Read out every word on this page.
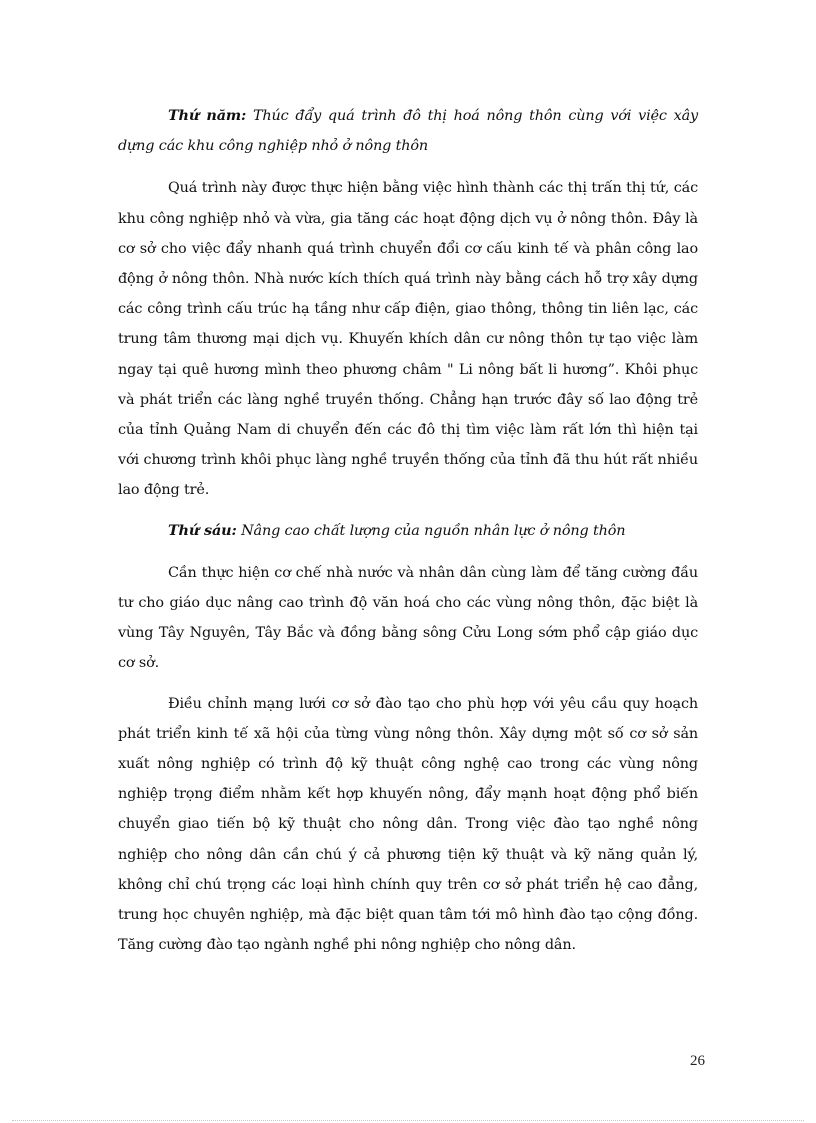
Thứ năm: Thúc đẩy quá trình đô thị hoá nông thôn cùng với việc xây dựng các khu công nghiệp nhỏ ở nông thôn

Quá trình này được thực hiện bằng việc hình thành các thị trấn thị tứ, các khu công nghiệp nhỏ và vừa, gia tăng các hoạt động dịch vụ ở nông thôn. Đây là cơ sở cho việc đẩy nhanh quá trình chuyển đổi cơ cấu kinh tế và phân công lao động ở nông thôn. Nhà nước kích thích quá trình này bằng cách hỗ trợ xây dựng các công trình cấu trúc hạ tầng như cấp điện, giao thông, thông tin liên lạc, các trung tâm thương mại dịch vụ. Khuyến khích dân cư nông thôn tự tạo việc làm ngay tại quê hương mình theo phương châm " Li nông bất li hương”. Khôi phục và phát triển các làng nghề truyền thống. Chẳng hạn trước đây số lao động trẻ của tỉnh Quảng Nam di chuyển đến các đô thị tìm việc làm rất lớn thì hiện tại với chương trình khôi phục làng nghề truyền thống của tỉnh đã thu hút rất nhiều lao động trẻ.

Thứ sáu: Nâng cao chất lượng của nguồn nhân lực ở nông thôn

Cần thực hiện cơ chế nhà nước và nhân dân cùng làm để tăng cường đầu tư cho giáo dục nâng cao trình độ văn hoá cho các vùng nông thôn, đặc biệt là vùng Tây Nguyên, Tây Bắc và đồng bằng sông Cửu Long sớm phổ cập giáo dục cơ sở.

Điều chỉnh mạng lưới cơ sở đào tạo cho phù hợp với yêu cầu quy hoạch phát triển kinh tế xã hội của từng vùng nông thôn. Xây dựng một số cơ sở sản xuất nông nghiệp có trình độ kỹ thuật công nghệ cao trong các vùng nông nghiệp trọng điểm nhằm kết hợp khuyến nông, đẩy mạnh hoạt động phổ biến chuyển giao tiến bộ kỹ thuật cho nông dân. Trong việc đào tạo nghề nông nghiệp cho nông dân cần chú ý cả phương tiện kỹ thuật và kỹ năng quản lý, không chỉ chú trọng các loại hình chính quy trên cơ sở phát triển hệ cao đẳng, trung học chuyên nghiệp, mà đặc biệt quan tâm tới mô hình đào tạo cộng đồng. Tăng cường đào tạo ngành nghề phi nông nghiệp cho nông dân.

26
